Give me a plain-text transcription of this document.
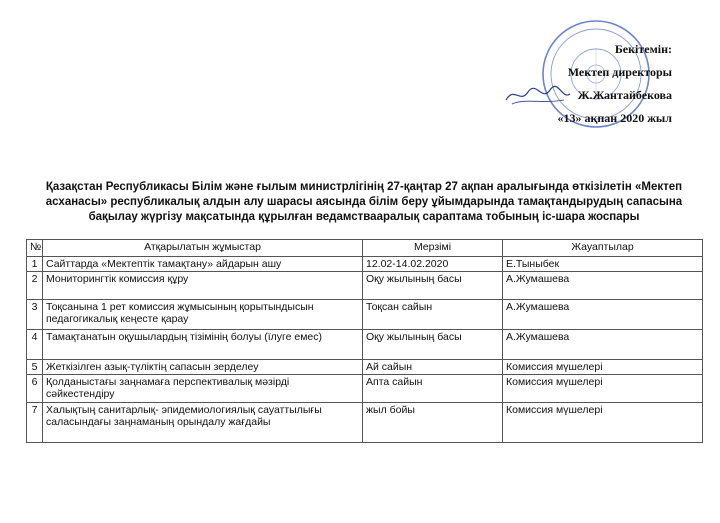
Бекітемін:
Мектеп директоры
Ж.Жантайбекова
«13» ақпан 2020 жыл
Қазақстан Республикасы Білім және ғылым министрлігінің 27-қаңтар 27 ақпан аралығында өткізілетін «Мектеп асханасы» республикалық алдын алу шарасы аясында білім беру ұйымдарында тамақтандырудың сапасына бақылау жүргізу мақсатында құрылған ведамствааралық сараптама тобының іс-шара жоспары
№	Атқарылатын жұмыстар	Мерзімі	Жауаптылар
1	Сайттарда «Мектептік тамақтану» айдарын ашу	12.02-14.02.2020	Е.Тыныбек
2	Мониторингтік комиссия құру	Оқу жылының басы	А.Жумашева
3	Тоқсанына 1 рет комиссия жұмысының қорытындысын педагогикалық кеңесте қарау	Тоқсан сайын	А.Жумашева
4	Тамақтанатын оқушылардың тізімінің болуы (їлуге емес)	Оқу жылының басы	А.Жумашева
5	Жеткізілген азық-түліктің сапасын зерделеу	Ай сайын	Комиссия мүшелері
6	Қолданыстағы заңнамаға перспективалық мәзірді сәйкестендіру	Апта сайын	Комиссия мүшелері
7	Халықтың санитарлық- эпидемиологиялық сауаттылығы саласындағы заңнаманың орындалу жағдайы	жыл бойы	Комиссия мүшелері
